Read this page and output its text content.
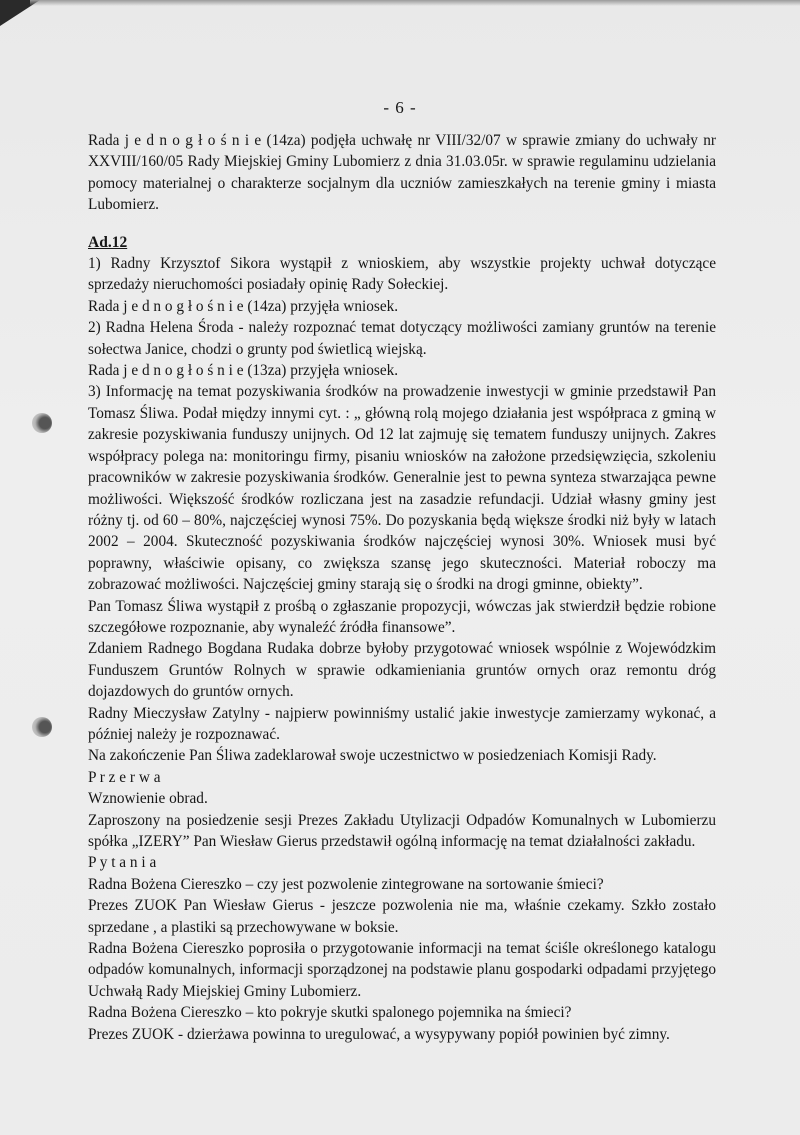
- 6 -

Rada j e d n o g ł o ś n i e (14za) podjęła uchwałę nr VIII/32/07 w sprawie zmiany do uchwały nr XXVIII/160/05 Rady Miejskiej Gminy Lubomierz z dnia 31.03.05r. w sprawie regulaminu udzielania pomocy materialnej o charakterze socjalnym dla uczniów zamieszkałych na terenie gminy i miasta Lubomierz.

Ad.12

1) Radny Krzysztof Sikora wystąpił z wnioskiem, aby wszystkie projekty uchwał dotyczące sprzedaży nieruchomości posiadały opinię Rady Sołeckiej.

Rada j e d n o g ł o ś n i e (14za) przyjęła wniosek.

2) Radna Helena Środa - należy rozpoznać temat dotyczący możliwości zamiany gruntów na terenie sołectwa Janice, chodzi o grunty pod świetlicą wiejską.

Rada j e d n o g ł o ś n i e (13za) przyjęła wniosek.

3) Informację na temat pozyskiwania środków na prowadzenie inwestycji w gminie przedstawił Pan Tomasz Śliwa. Podał między innymi cyt. : „ główną rolą mojego działania jest współpraca z gminą w zakresie pozyskiwania funduszy unijnych. Od 12 lat zajmuję się tematem funduszy unijnych. Zakres współpracy polega na: monitoringu firmy, pisaniu wniosków na założone przedsięwzięcia, szkoleniu pracowników w zakresie pozyskiwania środków. Generalnie jest to pewna synteza stwarzająca pewne możliwości. Większość środków rozliczana jest na zasadzie refundacji. Udział własny gminy jest różny tj. od 60 – 80%, najczęściej wynosi 75%. Do pozyskania będą większe środki niż były w latach 2002 – 2004. Skuteczność pozyskiwania środków najczęściej wynosi 30%. Wniosek musi być poprawny, właściwie opisany, co zwiększa szansę jego skuteczności. Materiał roboczy ma zobrazować możliwości. Najczęściej gminy starają się o środki na drogi gminne, obiekty”.

Pan Tomasz Śliwa wystąpił z prośbą o zgłaszanie propozycji, wówczas jak stwierdził będzie robione szczegółowe rozpoznanie, aby wynaleźć źródła finansowe”.

Zdaniem Radnego Bogdana Rudaka dobrze byłoby przygotować wniosek wspólnie z Wojewódzkim Funduszem Gruntów Rolnych w sprawie odkamieniania gruntów ornych oraz remontu dróg dojazdowych do gruntów ornych.

Radny Mieczysław Zatylny - najpierw powinniśmy ustalić jakie inwestycje zamierzamy wykonać, a później należy je rozpoznawać.

Na zakończenie Pan Śliwa zadeklarował swoje uczestnictwo w posiedzeniach Komisji Rady.

P r z e r w a

Wznowienie obrad.

Zaproszony na posiedzenie sesji Prezes Zakładu Utylizacji Odpadów Komunalnych w Lubomierzu spółka „IZERY” Pan Wiesław Gierus przedstawił ogólną informację na temat działalności zakładu.

P y t a n i a

Radna Bożena Ciereszko – czy jest pozwolenie zintegrowane na sortowanie śmieci?

Prezes ZUOK Pan Wiesław Gierus - jeszcze pozwolenia nie ma, właśnie czekamy. Szkło zostało sprzedane , a plastiki są przechowywane w boksie.

Radna Bożena Ciereszko poprosiła o przygotowanie informacji na temat ściśle określonego katalogu odpadów komunalnych, informacji sporządzonej na podstawie planu gospodarki odpadami przyjętego Uchwałą Rady Miejskiej Gminy Lubomierz.

Radna Bożena Ciereszko – kto pokryje skutki spalonego pojemnika na śmieci?

Prezes ZUOK - dzierżawa powinna to uregulować, a wysypywany popiół powinien być zimny.
